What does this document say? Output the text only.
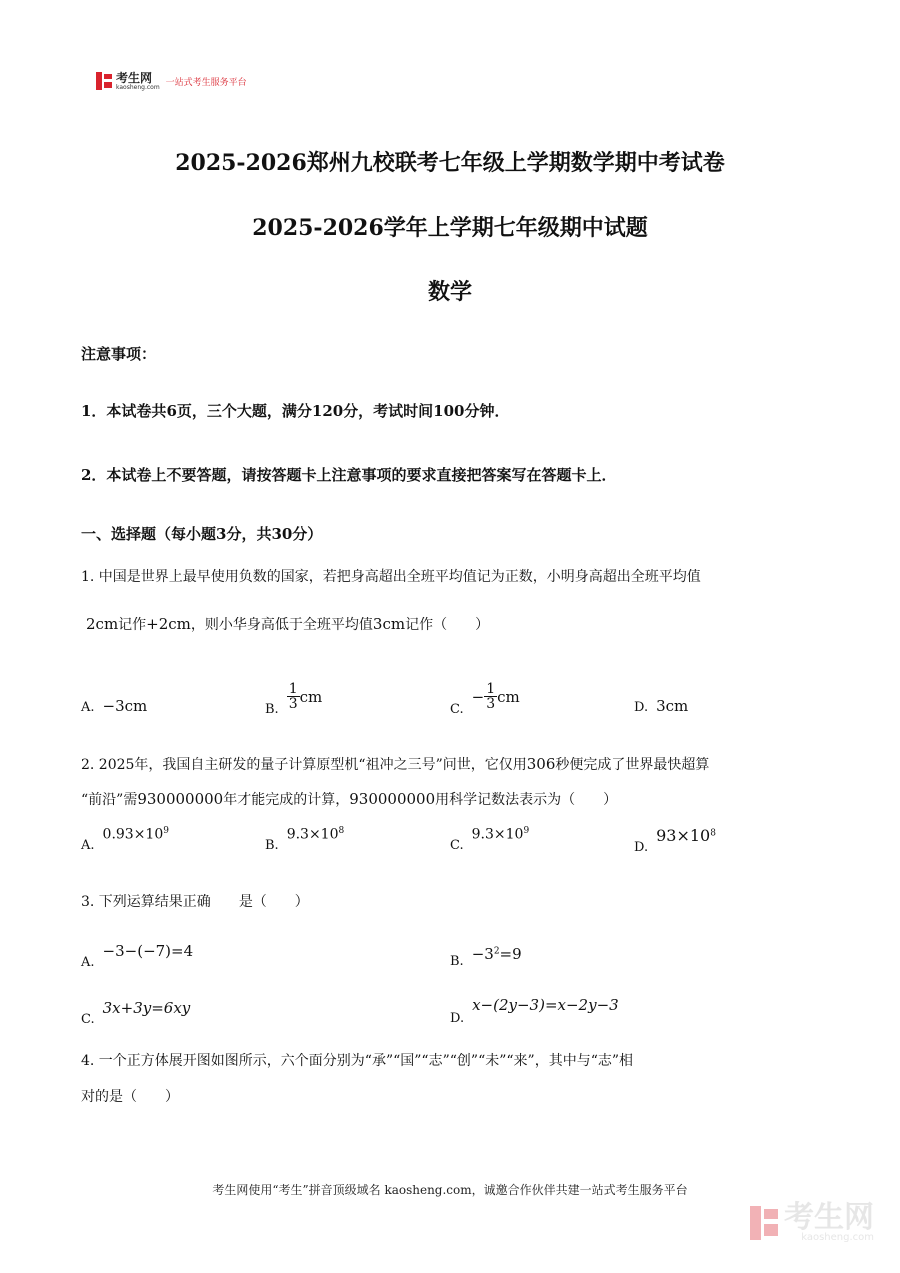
考生网
kaosheng.com 一站式考生服务平台
2025-2026郑州九校联考七年级上学期数学期中考试卷
2025-2026学年上学期七年级期中试题
数学
注意事项：
1．本试卷共6页，三个大题，满分120分，考试时间100分钟．
2．本试卷上不要答题，请按答题卡上注意事项的要求直接把答案写在答题卡上．
一、选择题（每小题3分，共30分）
1. 中国是世界上最早使用负数的国家，若把身高超出全班平均值记为正数，小明身高超出全班平均值
2cm记作+2cm，则小华身高低于全班平均值3cm记作（　　）
A. −3cm	B. $\frac{1}{3}$ cm
C.
− $\frac{1}{3}$ cm
D. 3cm
2. 2025年，我国自主研发的量子计算原型机“祖冲之三号”问世，它仅用306秒便完成了世界最快超算
“前沿”需930000000年才能完成的计算，930000000用科学记数法表示为（　　）
$A.0.93\times 10^9$
$B.9.3\times 10^8$
$C.9.3\times 10^9$
$D.93\times 10^8$
3. 下列运算结果正确 是（　　）
A.−3−(−7)=4
B. $-3^2=9$
C.3x+3y=6xy
D.x−(2y−3)=x−2y−3
4. 一个正方体展开图如图所示，六个面分别为“承”“国”“志”“创”“未”“来”，其中与“志”相
对的是（　　）
考生网使用“考生”拼音顶级域名 kaosheng.com，诚邀合作伙伴共建一站式考生服务平台
考生网
kaosheng.com
